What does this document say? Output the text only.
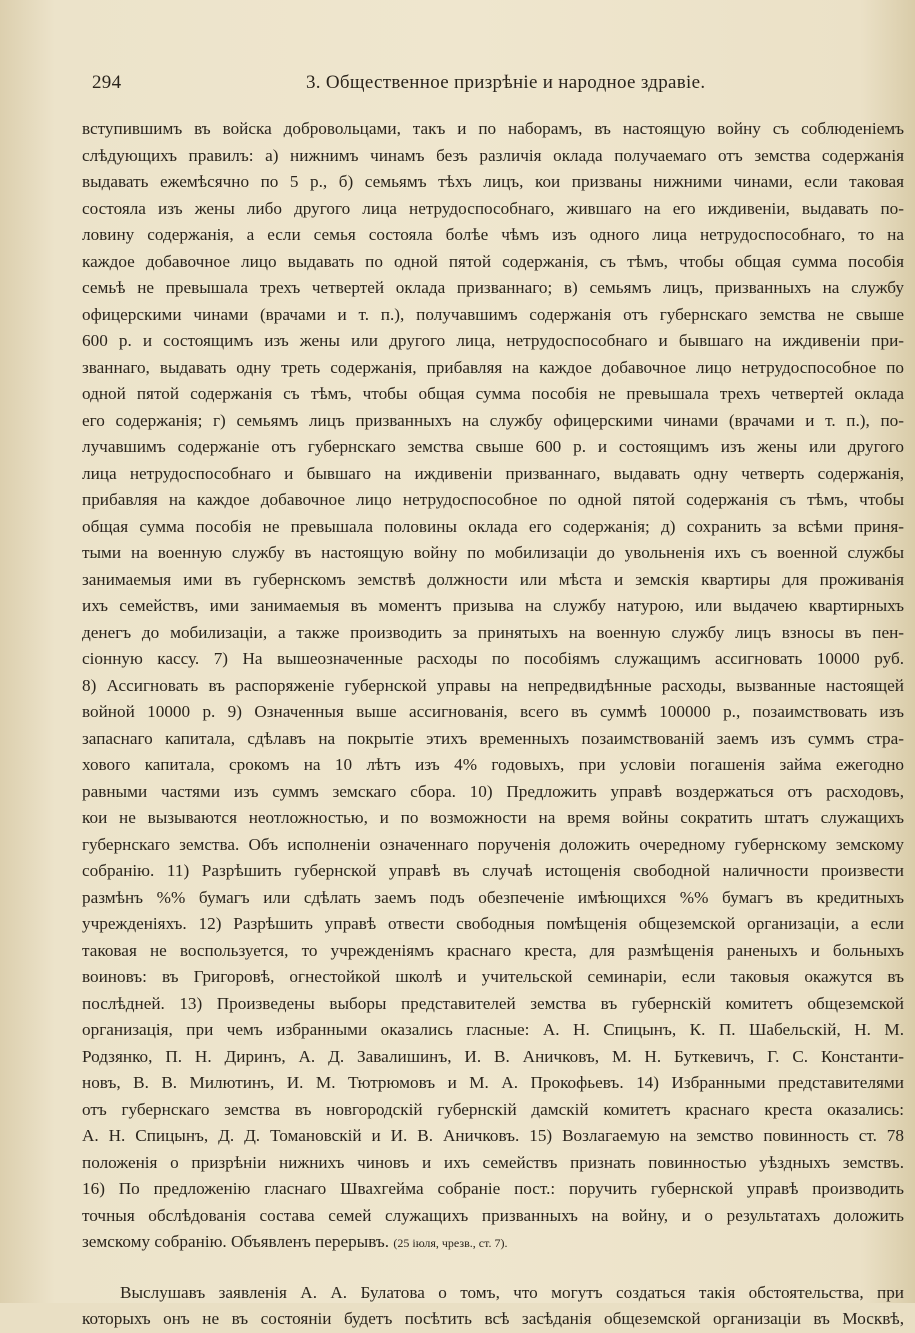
294	3. Общественное призрѣніе и народное здравіе.
вступившимъ въ войска добровольцами, такъ и по наборамъ, въ настоящую войну съ соблюденіемъ
слѣдующихъ правилъ: а) нижнимъ чинамъ безъ различія оклада получаемаго отъ земства содержанія
выдавать ежемѣсячно по 5 р., б) семьямъ тѣхъ лицъ, кои призваны нижними чинами, если таковая
состояла изъ жены либо другого лица нетрудоспособнаго, жившаго на его иждивеніи, выдавать по-
ловину содержанія, а если семья состояла болѣе чѣмъ изъ одного лица нетрудоспособнаго, то на
каждое добавочное лицо выдавать по одной пятой содержанія, съ тѣмъ, чтобы общая сумма пособія
семьѣ не превышала трехъ четвертей оклада призваннаго; в) семьямъ лицъ, призванныхъ на службу
офицерскими чинами (врачами и т. п.), получавшимъ содержанія отъ губернскаго земства не свыше
600 р. и состоящимъ изъ жены или другого лица, нетрудоспособнаго и бывшаго на иждивеніи при-
званнаго, выдавать одну треть содержанія, прибавляя на каждое добавочное лицо нетрудоспособное по
одной пятой содержанія съ тѣмъ, чтобы общая сумма пособія не превышала трехъ четвертей оклада
его содержанія; г) семьямъ лицъ призванныхъ на службу офицерскими чинами (врачами и т. п.), по-
лучавшимъ содержаніе отъ губернскаго земства свыше 600 р. и состоящимъ изъ жены или другого
лица нетрудоспособнаго и бывшаго на иждивеніи призваннаго, выдавать одну четверть содержанія,
прибавляя на каждое добавочное лицо нетрудоспособное по одной пятой содержанія съ тѣмъ, чтобы
общая сумма пособія не превышала половины оклада его содержанія; д) сохранить за всѣми приня-
тыми на военную службу въ настоящую войну по мобилизаціи до увольненія ихъ съ военной службы
занимаемыя ими въ губернскомъ земствѣ должности или мѣста и земскія квартиры для проживанія
ихъ семействъ, ими занимаемыя въ моментъ призыва на службу натурою, или выдачею квартирныхъ
денегъ до мобилизаціи, а также производить за принятыхъ на военную службу лицъ взносы въ пен-
сіонную кассу. 7) На вышеозначенные расходы по пособіямъ служащимъ ассигновать 10000 руб.
8) Ассигновать въ распоряженіе губернской управы на непредвидѣнные расходы, вызванные настоящей
войной 10000 р. 9) Означенныя выше ассигнованія, всего въ суммѣ 100000 р., позаимствовать изъ
запаснаго капитала, сдѣлавъ на покрытіе этихъ временныхъ позаимствованій заемъ изъ суммъ стра-
хового капитала, срокомъ на 10 лѣтъ изъ 4% годовыхъ, при условіи погашенія займа ежегодно
равными частями изъ суммъ земскаго сбора. 10) Предложить управѣ воздержаться отъ расходовъ,
кои не вызываются неотложностью, и по возможности на время войны сократить штатъ служащихъ
губернскаго земства. Объ исполненіи означеннаго порученія доложить очередному губернскому земскому
собранію. 11) Разрѣшить губернской управѣ въ случаѣ истощенія свободной наличности произвести
размѣнъ %% бумагъ или сдѣлать заемъ подъ обезпеченіе имѣющихся %% бумагъ въ кредитныхъ
учрежденіяхъ. 12) Разрѣшить управѣ отвести свободныя помѣщенія общеземской организаціи, а если
таковая не воспользуется, то учрежденіямъ краснаго креста, для размѣщенія раненыхъ и больныхъ
воиновъ: въ Григоровѣ, огнестойкой школѣ и учительской семинаріи, если таковыя окажутся въ
послѣдней. 13) Произведены выборы представителей земства въ губернскій комитетъ общеземской
организація, при чемъ избранными оказались гласные: А. Н. Спицынъ, К. П. Шабельскій, Н. М.
Родзянко, П. Н. Диринъ, А. Д. Завалишинъ, И. В. Аничковъ, М. Н. Буткевичъ, Г. С. Константи-
новъ, В. В. Милютинъ, И. М. Тютрюмовъ и М. А. Прокофьевъ. 14) Избранными представителями
отъ губернскаго земства въ новгородскій губернскій дамскій комитетъ краснаго креста оказались:
А. Н. Спицынъ, Д. Д. Томановскій и И. В. Аничковъ. 15) Возлагаемую на земство повинность ст. 78
положенія о призрѣніи нижнихъ чиновъ и ихъ семействъ признать повинностью уѣздныхъ земствъ.
16) По предложенію гласнаго Швахгейма собраніе пост.: поручить губернской управѣ производить
точныя обслѣдованія состава семей служащихъ призванныхъ на войну, и о результатахъ доложить
земскому собранію. Объявленъ перерывъ. (25 іюля, чрезв., ст. 7).
Выслушавъ заявленія А. А. Булатова о томъ, что могутъ создаться такія обстоятельства, при
которыхъ онъ не въ состояніи будетъ посѣтить всѣ засѣданія общеземской организаціи въ Москвѣ,
